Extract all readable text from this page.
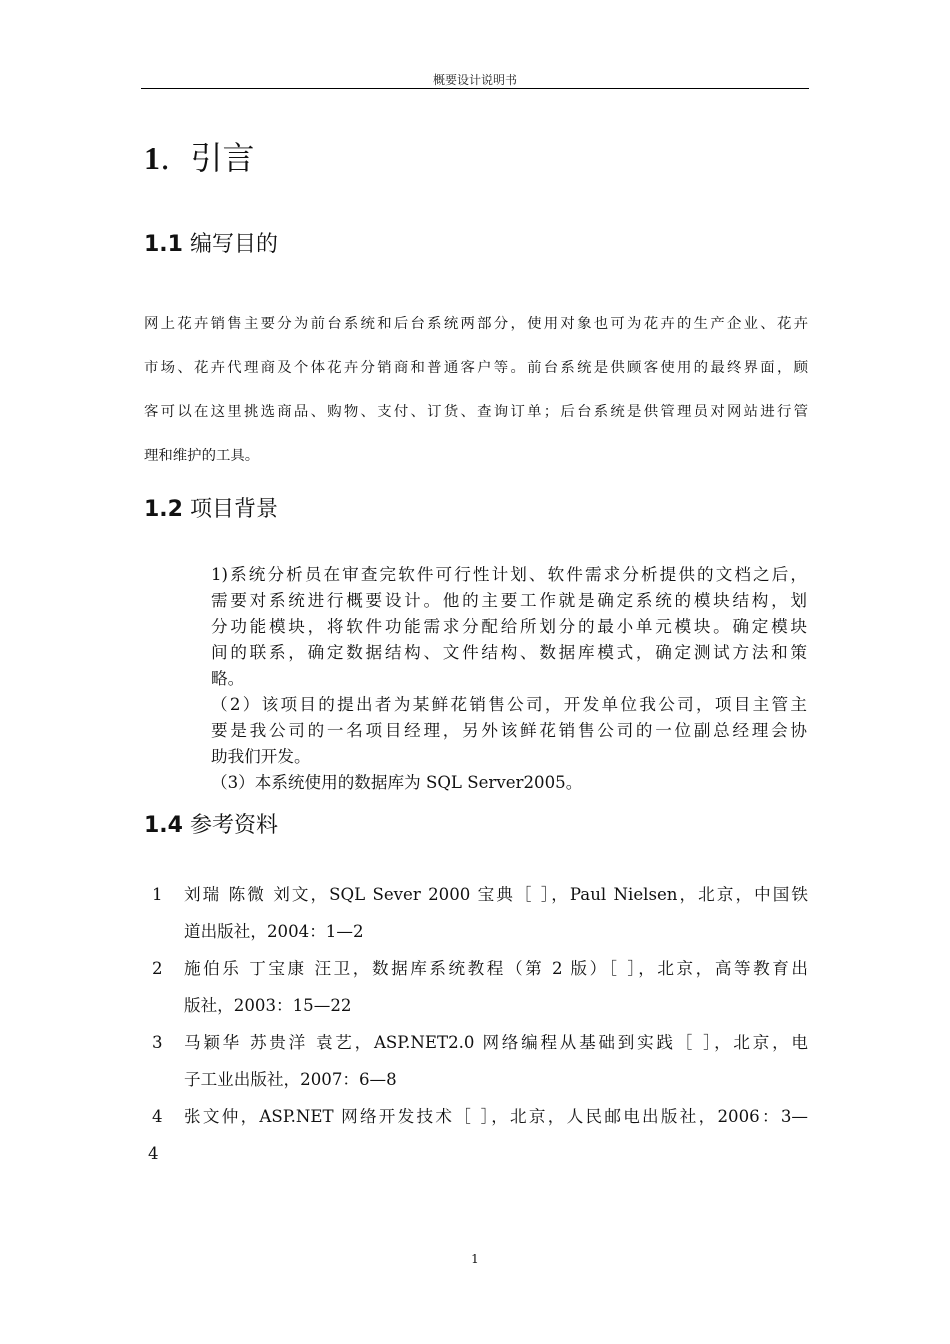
概要设计说明书
1. 引言
1.1 编写目的
网上花卉销售主要分为前台系统和后台系统两部分，使用对象也可为花卉的生产企业、花卉
市场、花卉代理商及个体花卉分销商和普通客户等。前台系统是供顾客使用的最终界面，顾
客可以在这里挑选商品、购物、支付、订货、查询订单；后台系统是供管理员对网站进行管
理和维护的工具。
1.2 项目背景
1)系统分析员在审查完软件可行性计划、软件需求分析提供的文档之后，
需要对系统进行概要设计。他的主要工作就是确定系统的模块结构，划
分功能模块，将软件功能需求分配给所划分的最小单元模块。确定模块
间的联系，确定数据结构、文件结构、数据库模式，确定测试方法和策
略。
（2）该项目的提出者为某鲜花销售公司，开发单位我公司，项目主管主
要是我公司的一名项目经理，另外该鲜花销售公司的一位副总经理会协
助我们开发。
（3）本系统使用的数据库为 SQL Server2005。
1.4 参考资料
1	刘瑞 陈微 刘文，SQL Sever 2000 宝典［ ］，Paul Nielsen，北京，中国铁
道出版社，2004：1—2
2	施伯乐 丁宝康 汪卫，数据库系统教程（第 2 版）［ ］，北京，高等教育出
版社，2003：15—22
3	马颖华 苏贵洋 袁艺，ASP.NET2.0 网络编程从基础到实践［ ］，北京，电
子工业出版社，2007：6—8
4	张文仲，ASP.NET 网络开发技术［ ］，北京，人民邮电出版社，2006：3—
4
1
